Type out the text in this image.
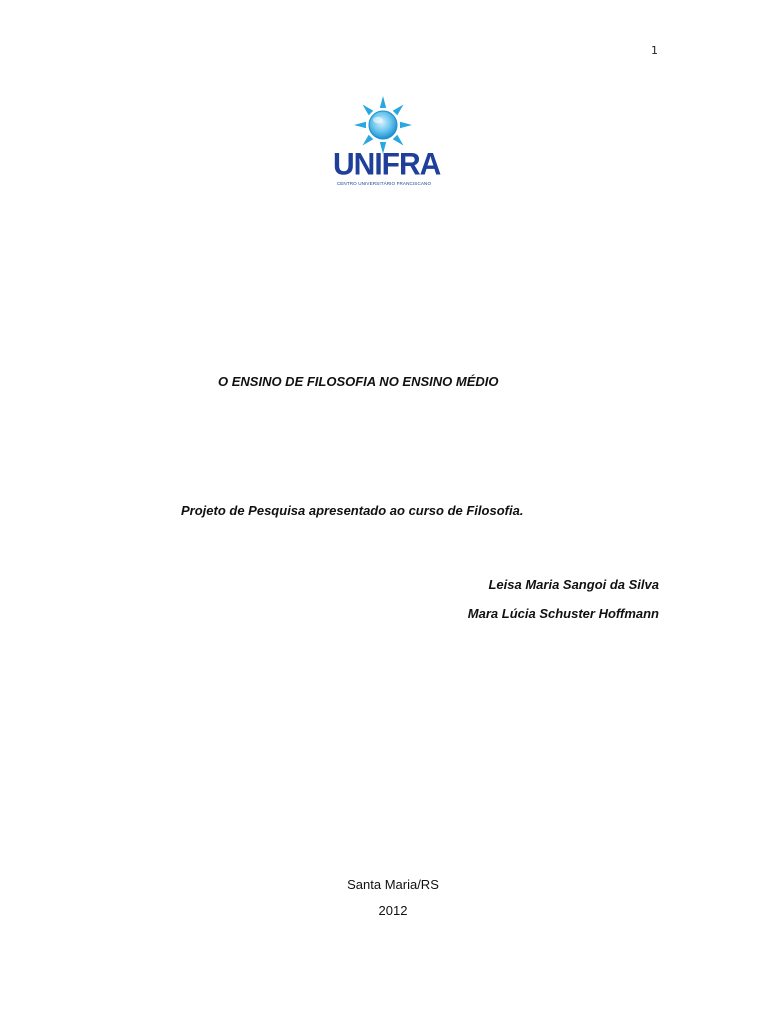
1
UNIFRA
CENTRO UNIVERSITÁRIO FRANCISCANO
O ENSINO DE FILOSOFIA NO ENSINO MÉDIO
Projeto de Pesquisa apresentado ao curso de Filosofia.
Leisa Maria Sangoi da Silva
Mara Lúcia Schuster Hoffmann
Santa Maria/RS
2012
